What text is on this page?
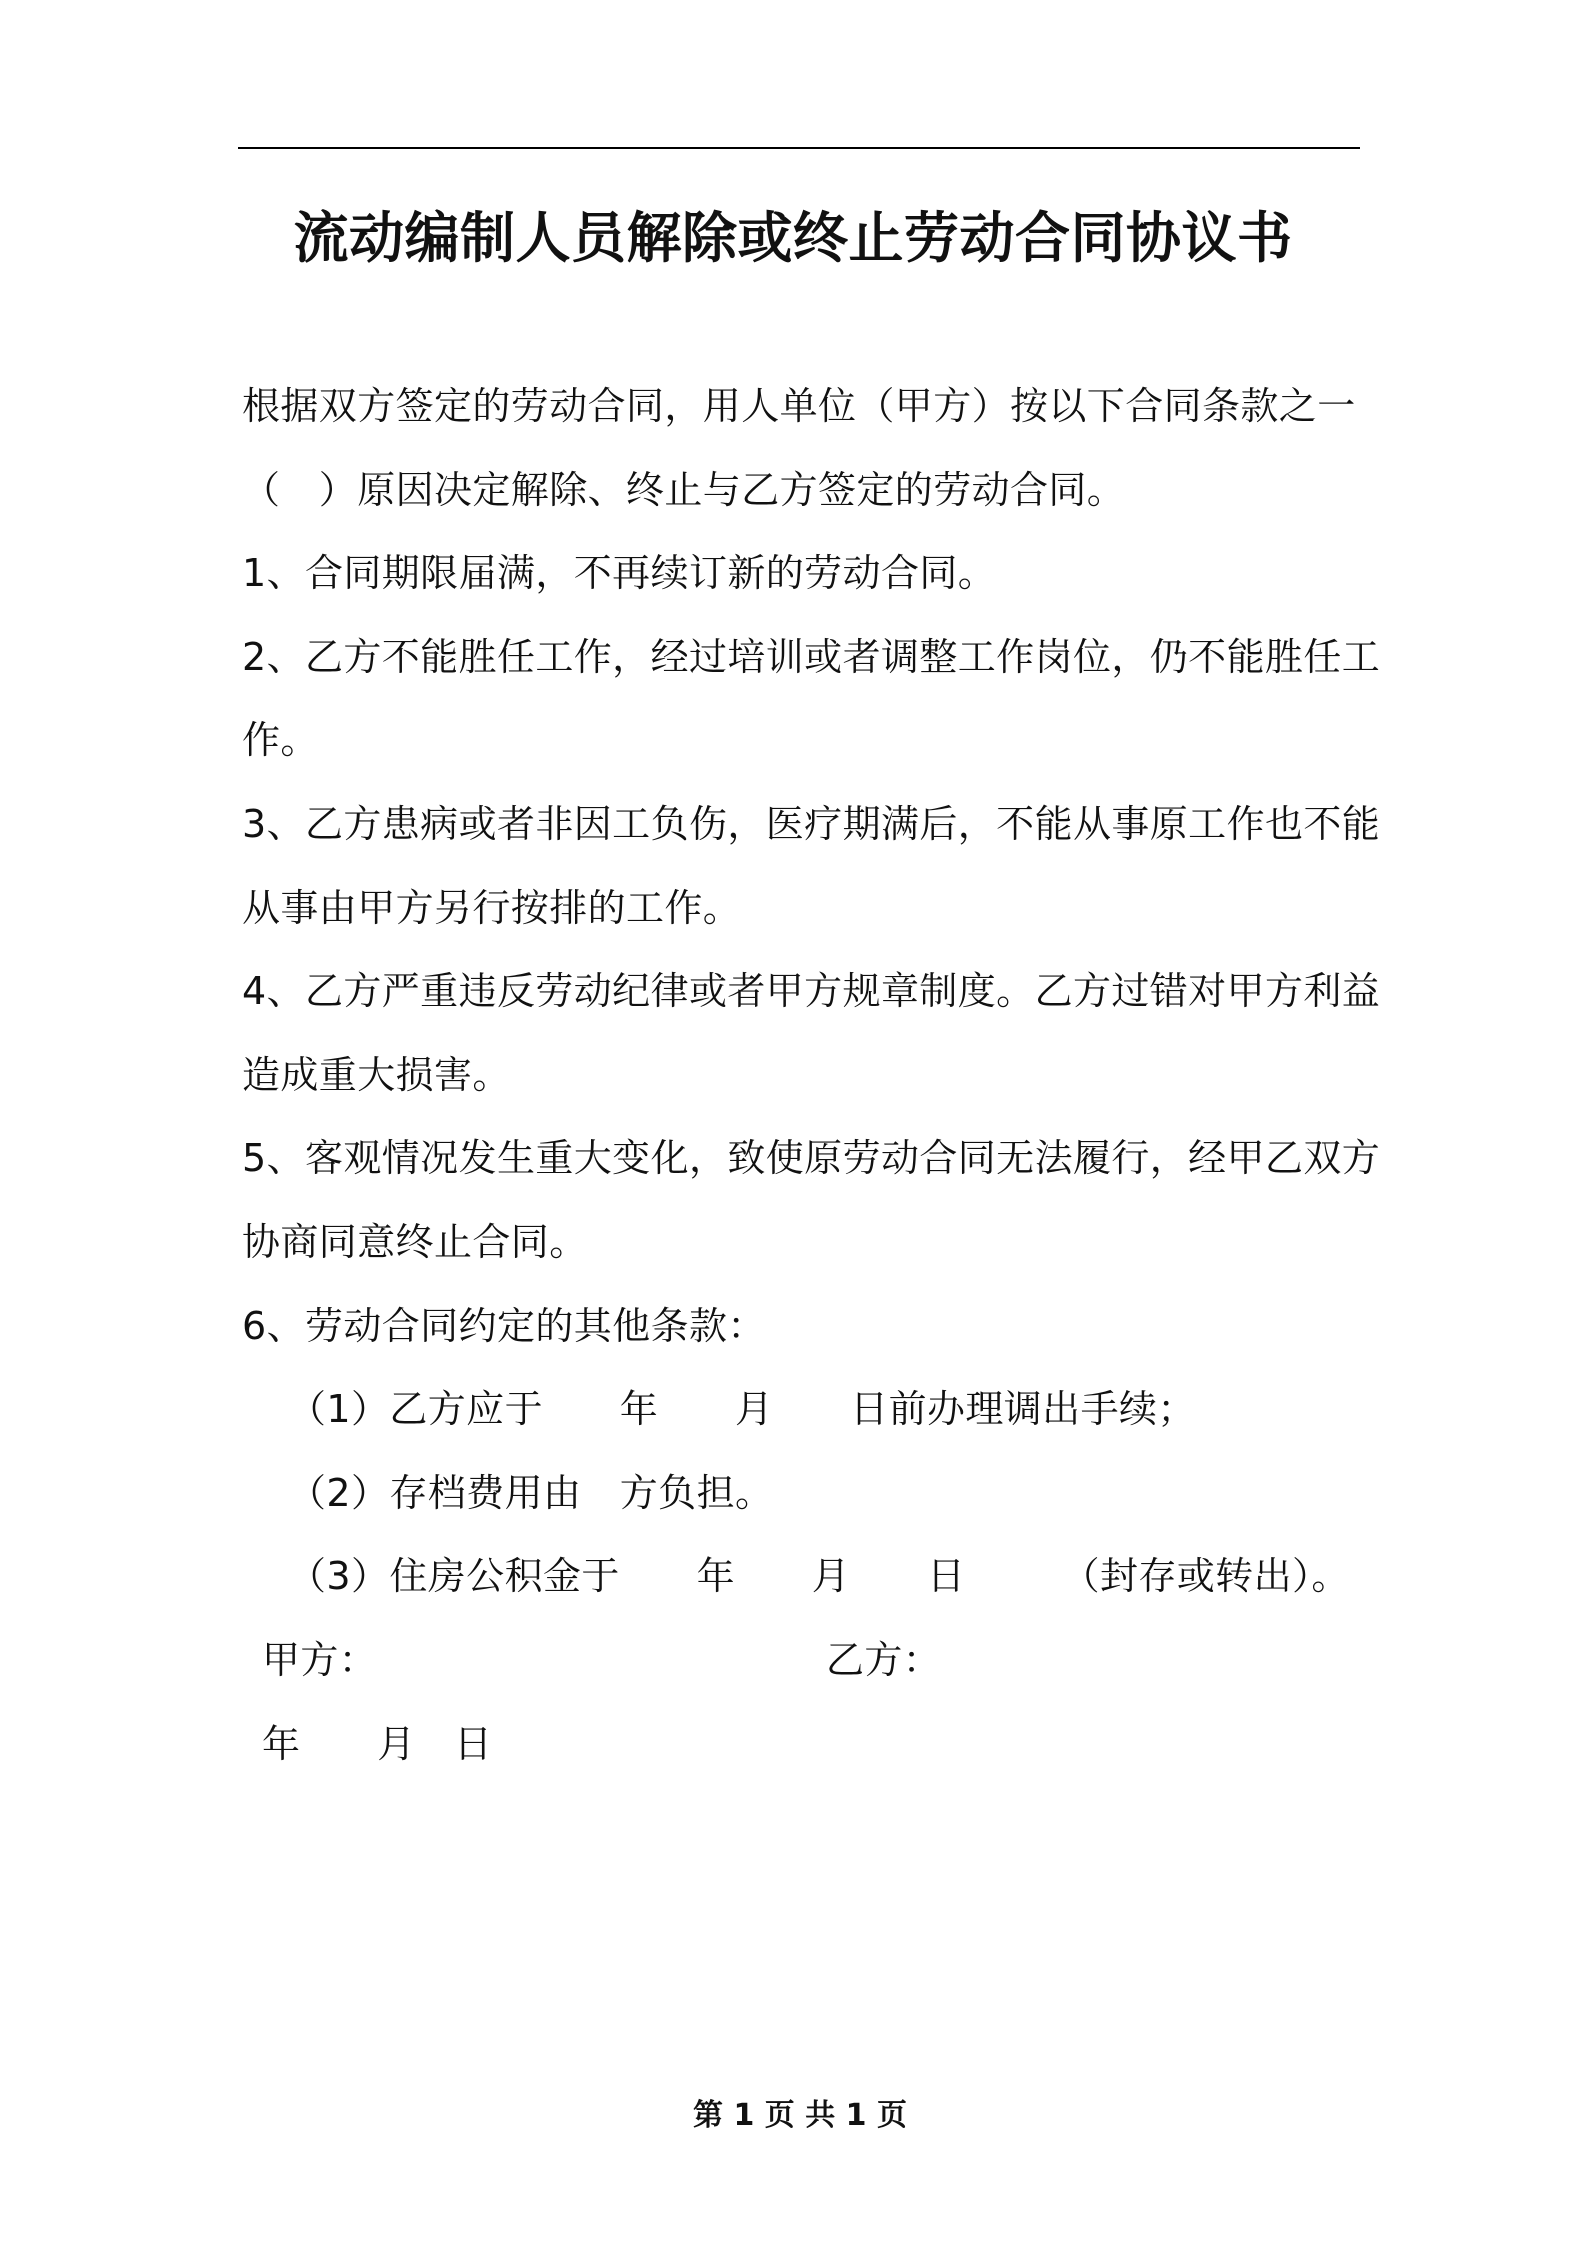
流动编制人员解除或终止劳动合同协议书
根据双方签定的劳动合同，用人单位（甲方）按以下合同条款之一
（　）原因决定解除、终止与乙方签定的劳动合同。
1、合同期限届满，不再续订新的劳动合同。
2、乙方不能胜任工作，经过培训或者调整工作岗位，仍不能胜任工
作。
3、乙方患病或者非因工负伤，医疗期满后，不能从事原工作也不能
从事由甲方另行按排的工作。
4、乙方严重违反劳动纪律或者甲方规章制度。乙方过错对甲方利益
造成重大损害。
5、客观情况发生重大变化，致使原劳动合同无法履行，经甲乙双方
协商同意终止合同。
6、劳动合同约定的其他条款：
（1）乙方应于　　年　　月　　日前办理调出手续；
（2）存档费用由　方负担。
（3）住房公积金于　　年　　月　　日　　　（封存或转出）。
甲方：	乙方：
年　　月　日
第 1 页 共 1 页
